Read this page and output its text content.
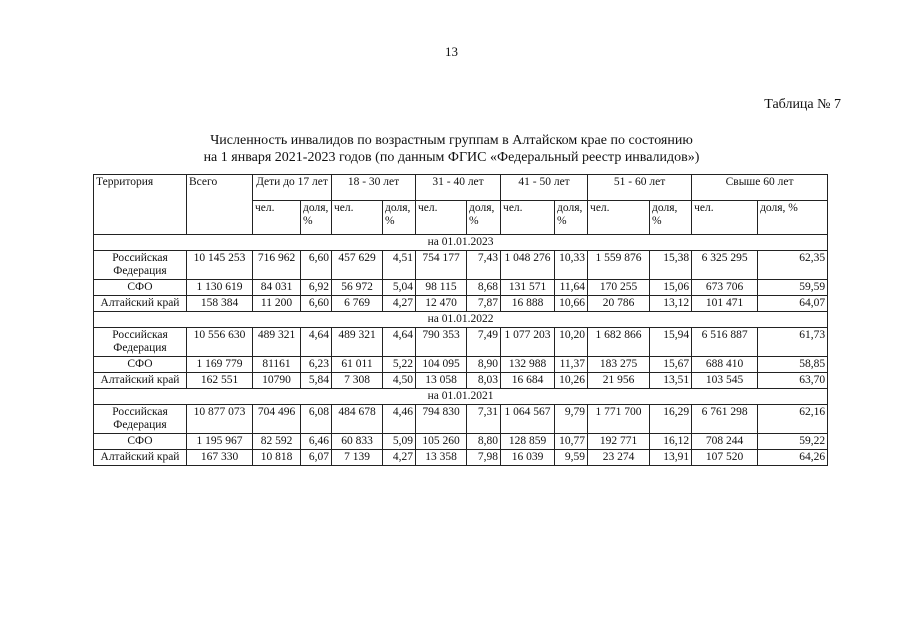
13
Таблица № 7
Численность инвалидов по возрастным группам в Алтайском крае по состоянию
на 1 января 2021-2023 годов (по данным ФГИС «Федеральный реестр инвалидов»)
Территория	Всего	Дети до 17 лет		18 - 30 лет		31 - 40 лет		41 - 50 лет		51 - 60 лет		Свыше 60 лет	
		чел.	доля, %	чел.	доля, %	чел.	доля, %	чел.	доля, %	чел.	доля, %	чел.	доля, %
на 01.01.2023													
Российская Федерация	10 145 253	716 962	6,60	457 629	4,51	754 177	7,43	1 048 276	10,33	1 559 876	15,38	6 325 295	62,35
СФО	1 130 619	84 031	6,92	56 972	5,04	98 115	8,68	131 571	11,64	170 255	15,06	673 706	59,59
Алтайский край	158 384	11 200	6,60	6 769	4,27	12 470	7,87	16 888	10,66	20 786	13,12	101 471	64,07
на 01.01.2022													
Российская Федерация	10 556 630	489 321	4,64	489 321	4,64	790 353	7,49	1 077 203	10,20	1 682 866	15,94	6 516 887	61,73
СФО	1 169 779	81161	6,23	61 011	5,22	104 095	8,90	132 988	11,37	183 275	15,67	688 410	58,85
Алтайский край	162 551	10790	5,84	7 308	4,50	13 058	8,03	16 684	10,26	21 956	13,51	103 545	63,70
на 01.01.2021													
Российская Федерация	10 877 073	704 496	6,08	484 678	4,46	794 830	7,31	1 064 567	9,79	1 771 700	16,29	6 761 298	62,16
СФО	1 195 967	82 592	6,46	60 833	5,09	105 260	8,80	128 859	10,77	192 771	16,12	708 244	59,22
Алтайский край	167 330	10 818	6,07	7 139	4,27	13 358	7,98	16 039	9,59	23 274	13,91	107 520	64,26
